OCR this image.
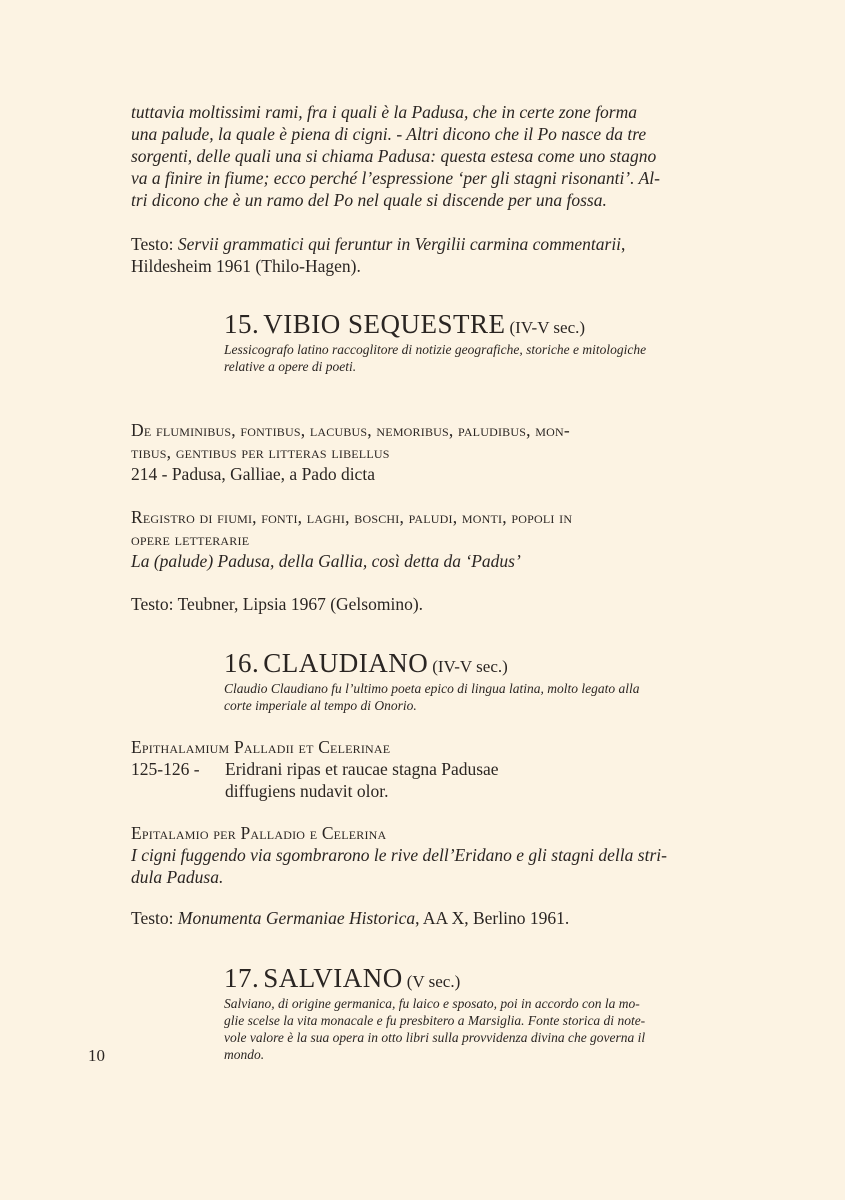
tuttavia moltissimi rami, fra i quali è la Padusa, che in certe zone forma
una palude, la quale è piena di cigni. - Altri dicono che il Po nasce da tre
sorgenti, delle quali una si chiama Padusa: questa estesa come uno stagno
va a finire in fiume; ecco perché l’espressione ‘per gli stagni risonanti’. Al-
tri dicono che è un ramo del Po nel quale si discende per una fossa.
Testo: Servii grammatici qui feruntur in Vergilii carmina commentarii,
Hildesheim 1961 (Thilo-Hagen).
15. VIBIO SEQUESTRE (IV-V sec.)
Lessicografo latino raccoglitore di notizie geografiche, storiche e mitologiche
relative a opere di poeti.
De fluminibus, fontibus, lacubus, nemoribus, paludibus, mon-
tibus, gentibus per litteras libellus
214 - Padusa, Galliae, a Pado dicta
Registro di fiumi, fonti, laghi, boschi, paludi, monti, popoli in
opere letterarie
La (palude) Padusa, della Gallia, così detta da ‘Padus’
Testo: Teubner, Lipsia 1967 (Gelsomino).
16. CLAUDIANO (IV-V sec.)
Claudio Claudiano fu l’ultimo poeta epico di lingua latina, molto legato alla
corte imperiale al tempo di Onorio.
Epithalamium Palladii et Celerinae
125-126 - Eridrani ripas et raucae stagna Padusae
diffugiens nudavit olor.
Epitalamio per Palladio e Celerina
I cigni fuggendo via sgombrarono le rive dell’Eridano e gli stagni della stri-
dula Padusa.
Testo: Monumenta Germaniae Historica, AA X, Berlino 1961.
17. SALVIANO (V sec.)
Salviano, di origine germanica, fu laico e sposato, poi in accordo con la mo-
glie scelse la vita monacale e fu presbitero a Marsiglia. Fonte storica di note-
vole valore è la sua opera in otto libri sulla provvidenza divina che governa il
mondo.
10
